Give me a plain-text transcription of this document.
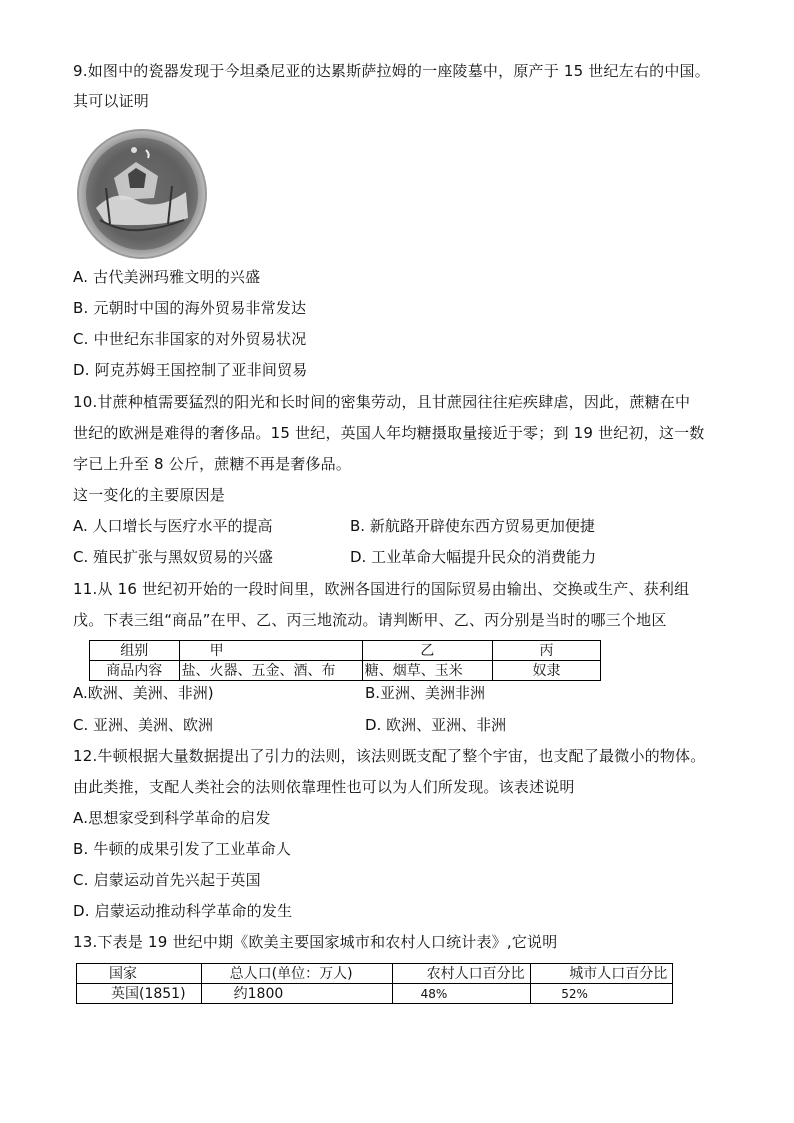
9.如图中的瓷器发现于今坦桑尼亚的达累斯萨拉姆的一座陵墓中，原产于 15 世纪左右的中国。
其可以证明
A. 古代美洲玛雅文明的兴盛
B. 元朝时中国的海外贸易非常发达
C. 中世纪东非国家的对外贸易状况
D. 阿克苏姆王国控制了亚非间贸易
10.甘蔗种植需要猛烈的阳光和长时间的密集劳动，且甘蔗园往往疟疾肆虐，因此，蔗糖在中
世纪的欧洲是难得的奢侈品。15 世纪，英国人年均糖摄取量接近于零；到 19 世纪初，这一数
字已上升至 8 公斤，蔗糖不再是奢侈品。
这一变化的主要原因是
A. 人口增长与医疗水平的提高	B. 新航路开辟使东西方贸易更加便捷
C. 殖民扩张与黑奴贸易的兴盛	D. 工业革命大幅提升民众的消费能力
11.从 16 世纪初开始的一段时间里，欧洲各国进行的国际贸易由输出、交换或生产、获利组
戊。下表三组“商品”在甲、乙、丙三地流动。请判断甲、乙、丙分别是当时的哪三个地区
组别	甲	乙	丙
商品内容	盐、火器、五金、酒、布	糖、烟草、玉米	奴隶
A.欧洲、美洲、非洲)	B.亚洲、美洲非洲
C. 亚洲、美洲、欧洲	D. 欧洲、亚洲、非洲
12.牛顿根据大量数据提出了引力的法则，该法则既支配了整个宇宙，也支配了最微小的物体。
由此类推，支配人类社会的法则依靠理性也可以为人们所发现。该表述说明
A.思想家受到科学革命的启发
B. 牛顿的成果引发了工业革命人
C. 启蒙运动首先兴起于英国
D. 启蒙运动推动科学革命的发生
13.下表是 19 世纪中期《欧美主要国家城市和农村人口统计表》,它说明
国家	总人口(单位：万人)	农村人口百分比	城市人口百分比
英国(1851)	约1800	48%	52%
